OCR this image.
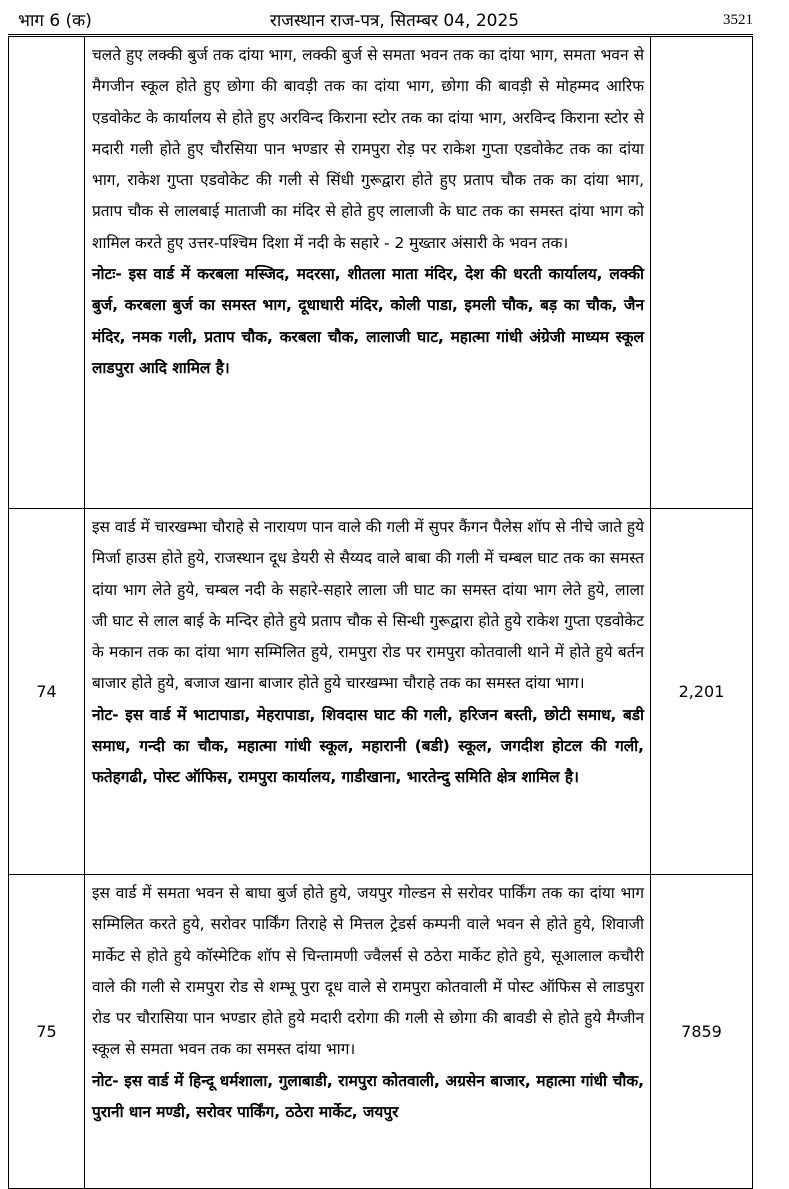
भाग 6 (क)	राजस्थान राज-पत्र, सितम्बर 04, 2025	3521

	चलते हुए लक्की बुर्ज तक दांया भाग, लक्की बुर्ज से समता भवन तक का दांया भाग, समता भवन से मैगजीन स्कूल होते हुए छोगा की बावड़ी तक का दांया भाग, छोगा की बावड़ी से मोहम्मद आरिफ एडवोकेट के कार्यालय से होते हुए अरविन्द किराना स्टोर तक का दांया भाग, अरविन्द किराना स्टोर से मदारी गली होते हुए चौरसिया पान भण्डार से रामपुरा रोड़ पर राकेश गुप्ता एडवोकेट तक का दांया भाग, राकेश गुप्ता एडवोकेट की गली से सिंधी गुरूद्वारा होते हुए प्रताप चौक तक का दांया भाग, प्रताप चौक से लालबाई माताजी का मंदिर से होते हुए लालाजी के घाट तक का समस्त दांया भाग को शामिल करते हुए उत्तर-पश्चिम दिशा में नदी के सहारे - 2 मुख्तार अंसारी के भवन तक।

नोटः- इस वार्ड में करबला मस्जिद, मदरसा, शीतला माता मंदिर, देश की धरती कार्यालय, लक्की बुर्ज, करबला बुर्ज का समस्त भाग, दूधाधारी मंदिर, कोली पाडा, इमली चौक, बड़ का चौक, जैन मंदिर, नमक गली, प्रताप चौक, करबला चौक, लालाजी घाट, महात्मा गांधी अंग्रेजी माध्यम स्कूल लाडपुरा आदि शामिल है।	

74	इस वार्ड में चारखम्भा चौराहे से नारायण पान वाले की गली में सुपर कैंगन पैलेस शॉप से नीचे जाते हुये मिर्जा हाउस होते हुये, राजस्थान दूध डेयरी से सैय्यद वाले बाबा की गली में चम्बल घाट तक का समस्त दांया भाग लेते हुये, चम्बल नदी के सहारे-सहारे लाला जी घाट का समस्त दांया भाग लेते हुये, लाला जी घाट से लाल बाई के मन्दिर होते हुये प्रताप चौक से सिन्धी गुरूद्वारा होते हुये राकेश गुप्ता एडवोकेट के मकान तक का दांया भाग सम्मिलित हुये, रामपुरा रोड पर रामपुरा कोतवाली थाने में होते हुये बर्तन बाजार होते हुये, बजाज खाना बाजार होते हुये चारखम्भा चौराहे तक का समस्त दांया भाग।

नोट- इस वार्ड में भाटापाडा, मेहरापाडा, शिवदास घाट की गली, हरिजन बस्ती, छोटी समाध, बडी समाध, गन्दी का चौक, महात्मा गांधी स्कूल, महारानी (बडी) स्कूल, जगदीश होटल की गली, फतेहगढी, पोस्ट ऑफिस, रामपुरा कार्यालय, गाडीखाना, भारतेन्दु समिति क्षेत्र शामिल है।	2,201
75	इस वार्ड में समता भवन से बाघा बुर्ज होते हुये, जयपुर गोल्डन से सरोवर पार्किंग तक का दांया भाग सम्मिलित करते हुये, सरोवर पार्किंग तिराहे से मित्तल ट्रेडर्स कम्पनी वाले भवन से होते हुये, शिवाजी मार्केट से होते हुये कॉस्मेटिक शॉप से चिन्तामणी ज्वैलर्स से ठठेरा मार्केट होते हुये, सूआलाल कचौरी वाले की गली से रामपुरा रोड से शम्भू पुरा दूध वाले से रामपुरा कोतवाली में पोस्ट ऑफिस से लाडपुरा रोड पर चौरासिया पान भण्डार होते हुये मदारी दरोगा की गली से छोगा की बावडी से होते हुये मैग्जीन स्कूल से समता भवन तक का समस्त दांया भाग।

नोट- इस वार्ड में हिन्दू धर्मशाला, गुलाबाडी, रामपुरा कोतवाली, अग्रसेन बाजार, महात्मा गांधी चौक, पुरानी धान मण्डी, सरोवर पार्किंग, ठठेरा मार्केट, जयपुर	7859
